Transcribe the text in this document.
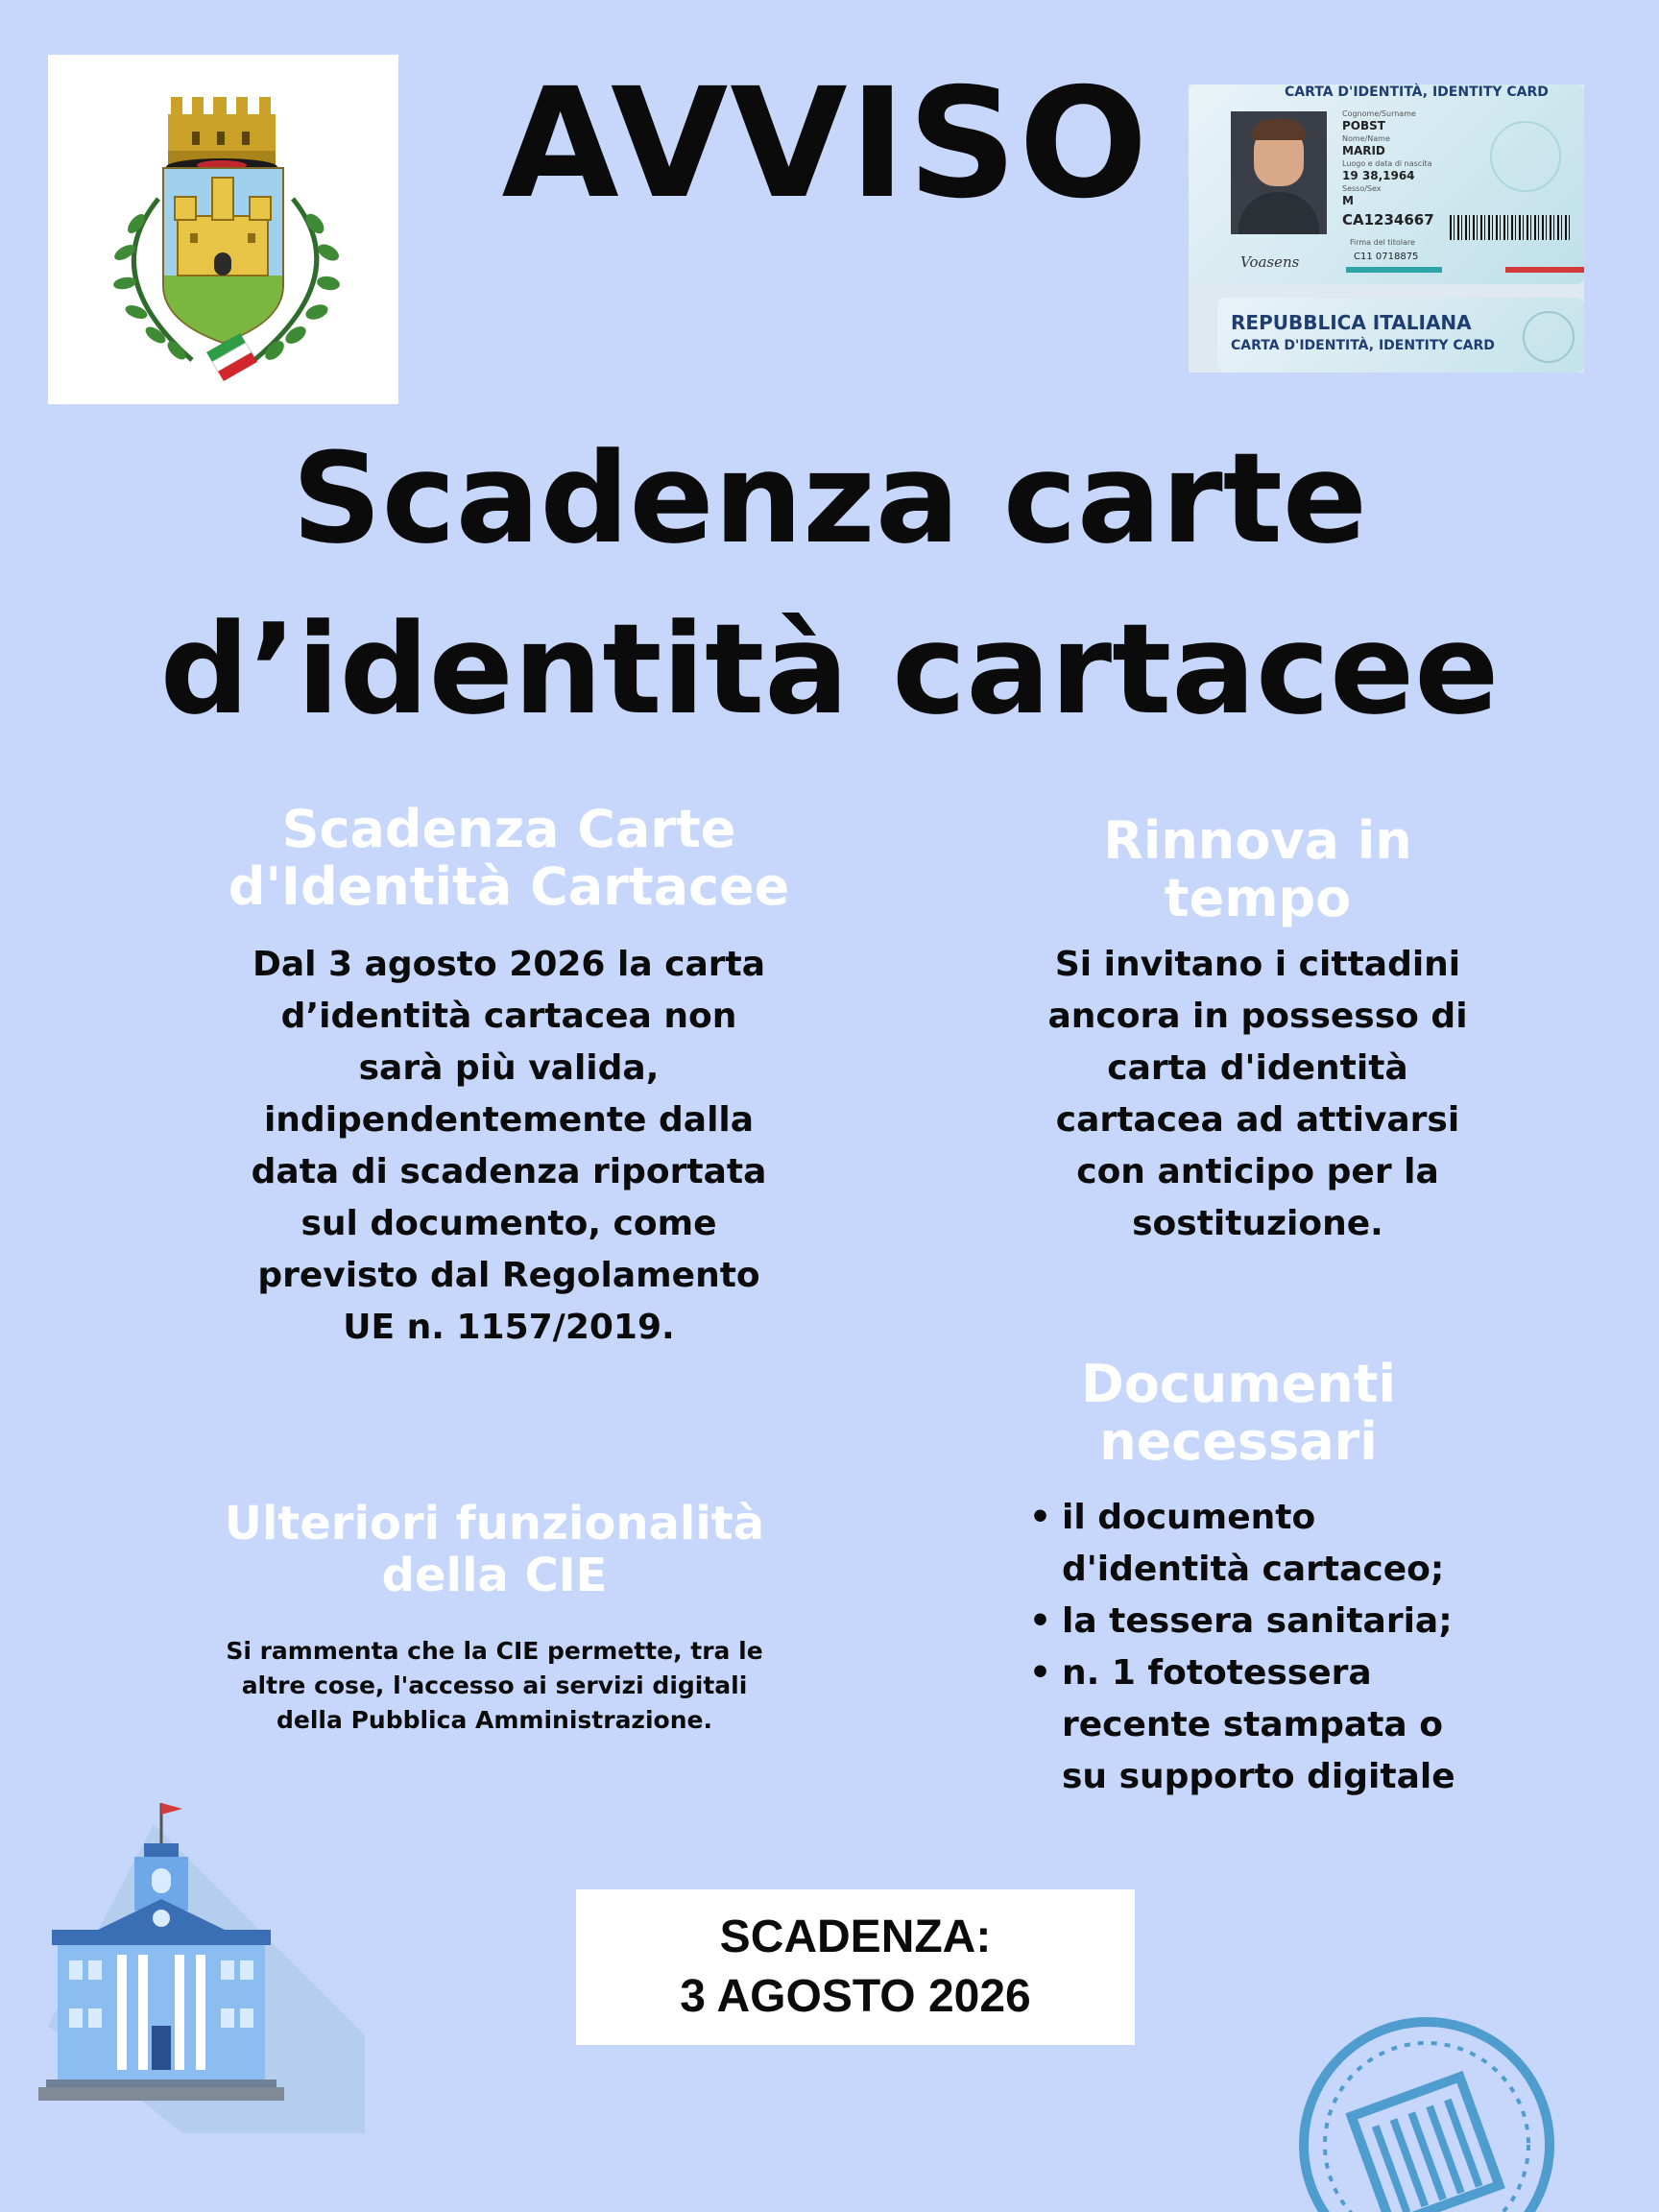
AVVISO	CARTA D'IDENTITÀ, IDENTITY CARD
Cognome/Surname
POBST
Nome/Name
MARID
Luogo e data di nascita
19 38,1964
Sesso/Sex
M
CA1234667
Firma del titolare
Voasens	C11 0718875
REPUBBLICA ITALIANA
CARTA D'IDENTITÀ, IDENTITY CARD
Scadenza carte
d’identità cartacee
Scadenza Carte
d'Identità Cartacee
Dal 3 agosto 2026 la carta
d’identità cartacea non
sarà più valida,
indipendentemente dalla
data di scadenza riportata
sul documento, come
previsto dal Regolamento
UE n. 1157/2019.
Rinnova in
tempo
Si invitano i cittadini
ancora in possesso di
carta d'identità
cartacea ad attivarsi
con anticipo per la
sostituzione.
Documenti
necessari
• il documento
d'identità cartaceo;
• la tessera sanitaria;
• n. 1 fototessera
recente stampata o
su supporto digitale
Ulteriori funzionalità
della CIE
Si rammenta che la CIE permette, tra le
altre cose, l'accesso ai servizi digitali
della Pubblica Amministrazione.
SCADENZA:
3 AGOSTO 2026
